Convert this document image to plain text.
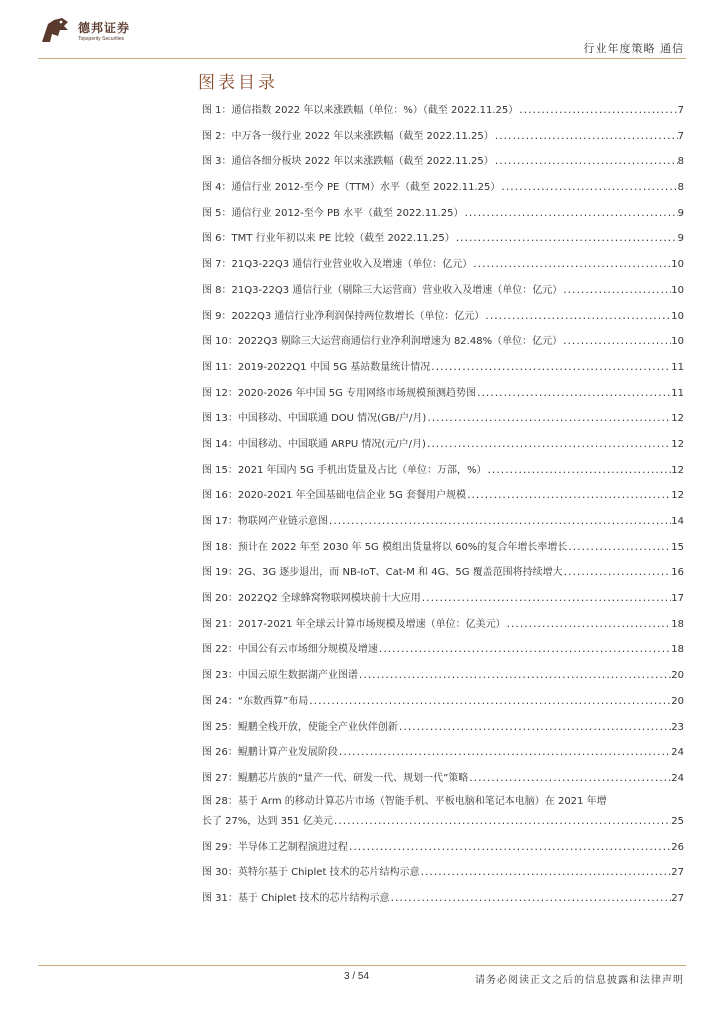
德邦证券
Topsperity Securities
行业年度策略 通信
图表目录
图 1：通信指数 2022 年以来涨跌幅（单位：%）（截至 2022.11.25） .....	7
图 2：中万各一级行业 2022 年以来涨跌幅（截至 2022.11.25） .....	7
图 3：通信各细分板块 2022 年以来涨跌幅（截至 2022.11.25） .....	8
图 4：通信行业 2012-至今 PE（TTM）水平（截至 2022.11.25） .....	8
图 5：通信行业 2012-至今 PB 水平（截至 2022.11.25） .....	9
图 6：TMT 行业年初以来 PE 比较（截至 2022.11.25） .....	9
图 7：21Q3-22Q3 通信行业营业收入及增速（单位：亿元） .....	10
图 8：21Q3-22Q3 通信行业（剔除三大运营商）营业收入及增速（单位：亿元） .....	10
图 9：2022Q3 通信行业净利润保持两位数增长（单位：亿元） .....	10
图 10：2022Q3 剔除三大运营商通信行业净利润增速为 82.48%（单位：亿元） .....	10
图 11：2019-2022Q1 中国 5G 基站数量统计情况 .....	11
图 12：2020-2026 年中国 5G 专用网络市场规模预测趋势图 .....	11
图 13：中国移动、中国联通 DOU 情况(GB/户/月) .....	12
图 14：中国移动、中国联通 ARPU 情况(元/户/月) .....	12
图 15：2021 年国内 5G 手机出货量及占比（单位：万部，%） .....	12
图 16：2020-2021 年全国基础电信企业 5G 套餐用户规模 .....	12
图 17：物联网产业链示意图 .....	14
图 18：预计在 2022 年至 2030 年 5G 模组出货量将以 60%的复合年增长率增长 .....	15
图 19：2G、3G 逐步退出，而 NB-IoT、Cat-M 和 4G、5G 覆盖范围将持续增大 .....	16
图 20：2022Q2 全球蜂窝物联网模块前十大应用 .....	17
图 21：2017-2021 年全球云计算市场规模及增速（单位：亿美元） .....	18
图 22：中国公有云市场细分规模及增速 .....	18
图 23：中国云原生数据湖产业图谱 .....	20
图 24：“东数西算”布局 .....	20
图 25：鲲鹏全栈开放，使能全产业伙伴创新 .....	23
图 26：鲲鹏计算产业发展阶段 .....	24
图 27：鲲鹏芯片族的“量产一代、研发一代、规划一代”策略 .....	24
图 28：基于 Arm 的移动计算芯片市场（智能手机、平板电脑和笔记本电脑）在 2021 年增
长了 27%，达到 351 亿美元 .....	25
图 29：半导体工艺制程演进过程 .....	26
图 30：英特尔基于 Chiplet 技术的芯片结构示意 .....	27
图 31：基于 Chiplet 技术的芯片结构示意 .....	27
3 / 54	请务必阅读正文之后的信息披露和法律声明
